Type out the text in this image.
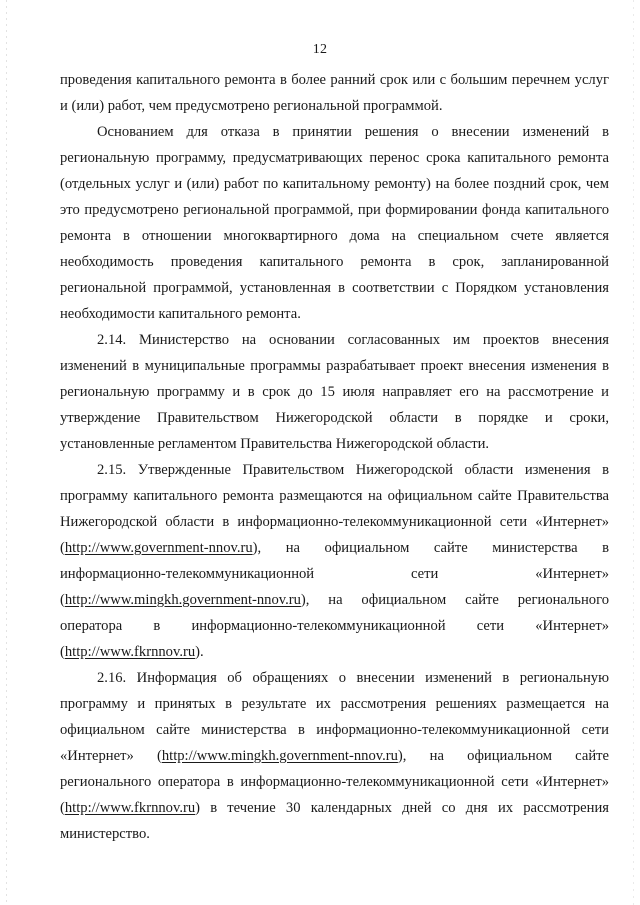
12

проведения капитального ремонта в более ранний срок или с большим перечнем услуг и (или) работ, чем предусмотрено региональной программой.

Основанием для отказа в принятии решения о внесении изменений в региональную программу, предусматривающих перенос срока капитального ремонта (отдельных услуг и (или) работ по капитальному ремонту) на более поздний срок, чем это предусмотрено региональной программой, при формировании фонда капитального ремонта в отношении многоквартирного дома на специальном счете является необходимость проведения капитального ремонта в срок, запланированной региональной программой, установленная в соответствии с Порядком установления необходимости капитального ремонта.

2.14. Министерство на основании согласованных им проектов внесения изменений в муниципальные программы разрабатывает проект внесения изменения в региональную программу и в срок до 15 июля направляет его на рассмотрение и утверждение Правительством Нижегородской области в порядке и сроки, установленные регламентом Правительства Нижегородской области.

2.15. Утвержденные Правительством Нижегородской области изменения в программу капитального ремонта размещаются на официальном сайте Правительства Нижегородской области в информационно-телекоммуникационной сети «Интернет» (http://www.government-nnov.ru), на официальном сайте министерства в информационно-телекоммуникационной сети «Интернет» (http://www.mingkh.government-nnov.ru), на официальном сайте регионального оператора в информационно-телекоммуникационной сети «Интернет» (http://www.fkrnnov.ru).

2.16. Информация об обращениях о внесении изменений в региональную программу и принятых в результате их рассмотрения решениях размещается на официальном сайте министерства в информационно-телекоммуникационной сети «Интернет» (http://www.mingkh.government-nnov.ru), на официальном сайте регионального оператора в информационно-телекоммуникационной сети «Интернет» (http://www.fkrnnov.ru) в течение 30 календарных дней со дня их рассмотрения министерство.
